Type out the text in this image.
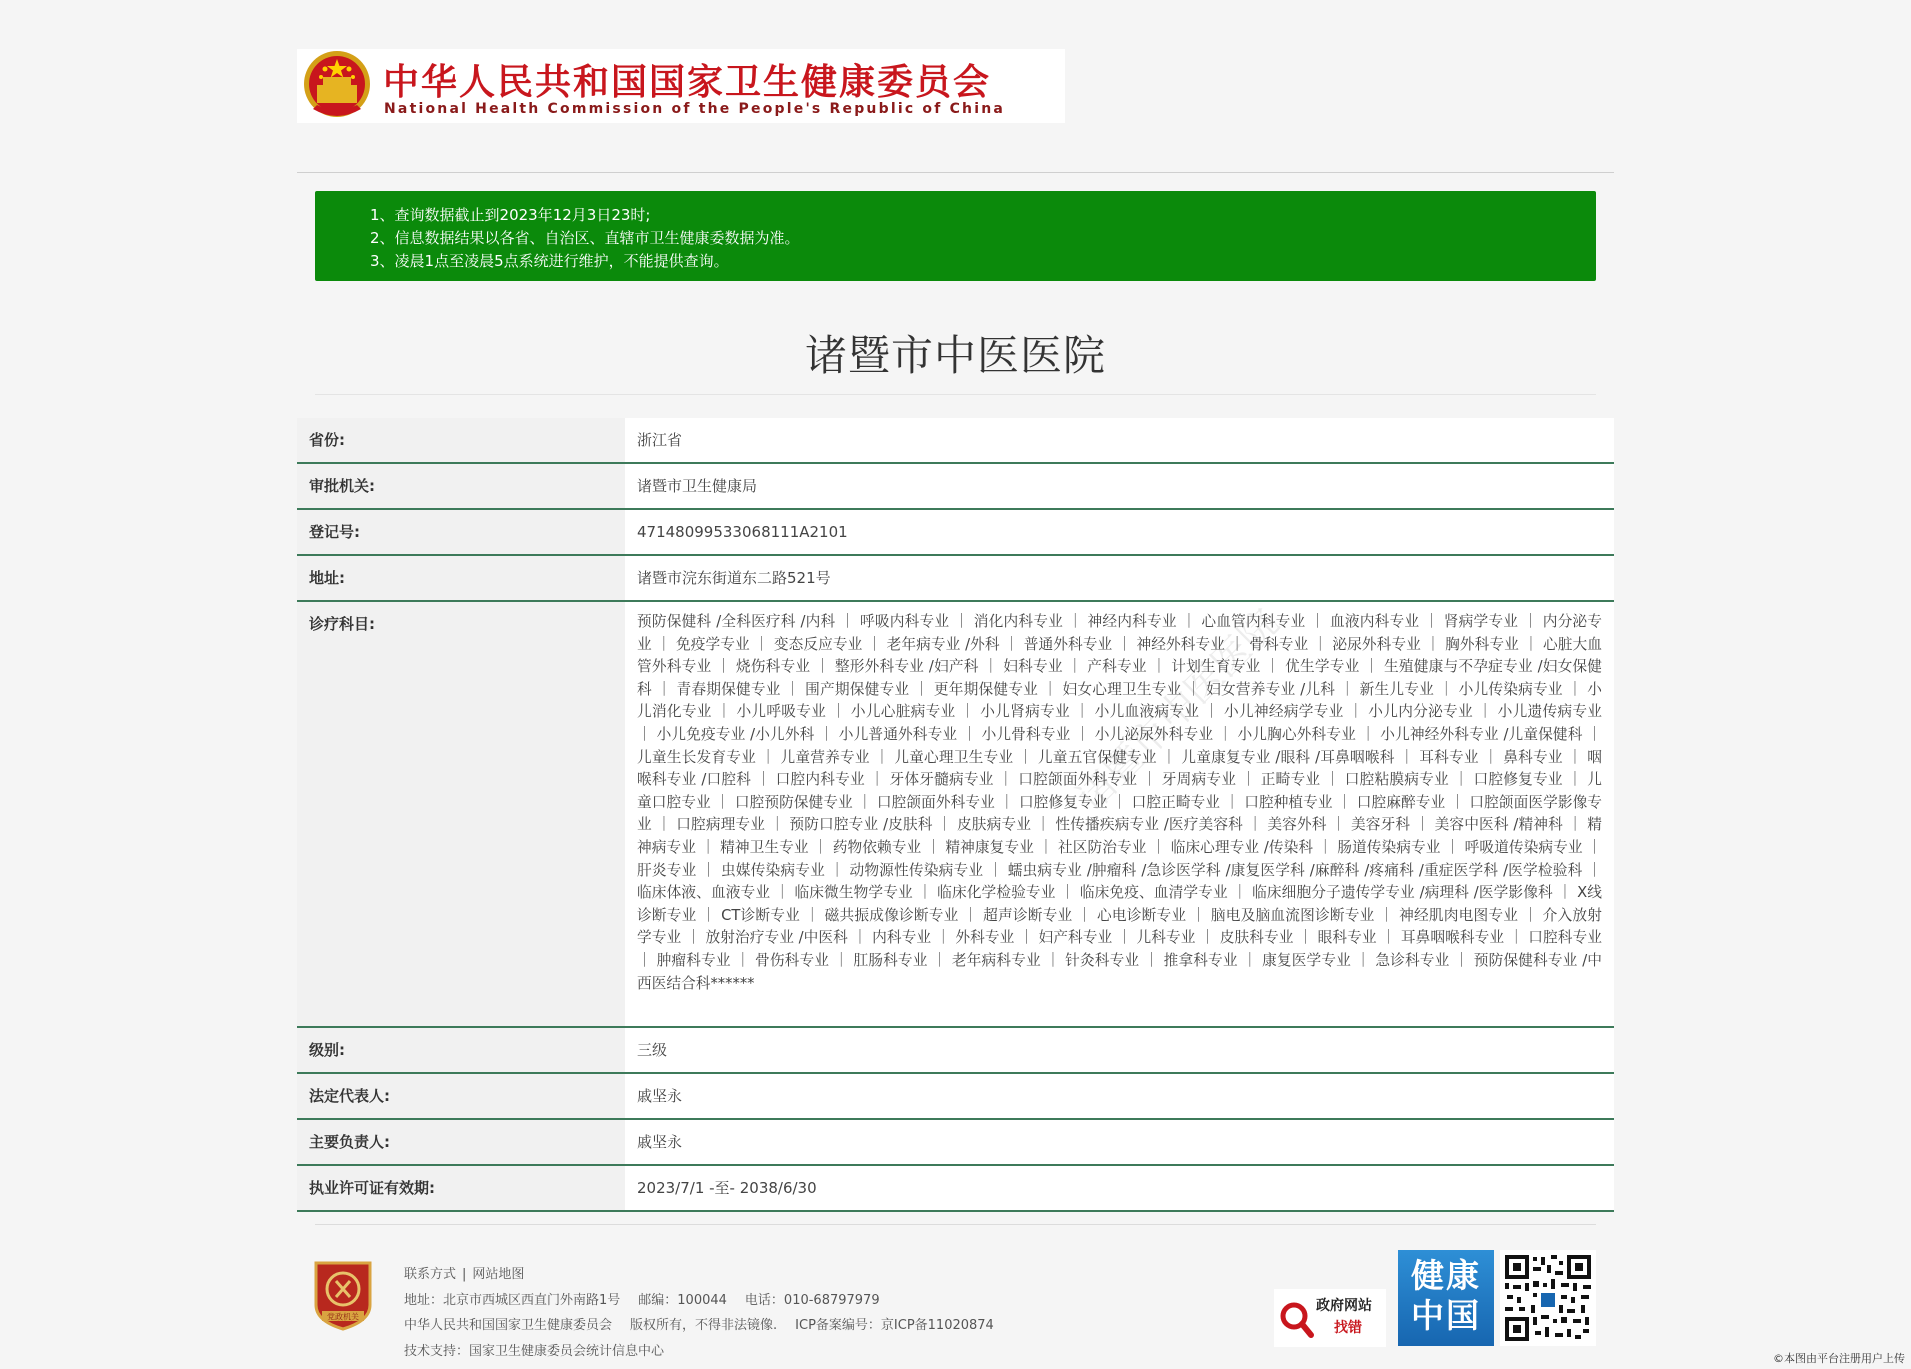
中华人民共和国国家卫生健康委员会
National Health Commission of the People's Republic of China
1、查询数据截止到2023年12月3日23时;
2、信息数据结果以各省、自治区、直辖市卫生健康委数据为准。
3、凌晨1点至凌晨5点系统进行维护，不能提供查询。
诸暨市中医医院
省份:	浙江省
审批机关:	诸暨市卫生健康局
登记号:	47148099533068111A2101
地址:	诸暨市浣东街道东二路521号
诊疗科目:	预防保健科 /全科医疗科 /内科 ｜ 呼吸内科专业 ｜ 消化内科专业 ｜ 神经内科专业 ｜ 心血管内科专业 ｜ 血液内科专业 ｜ 肾病学专业 ｜ 内分泌专业 ｜ 免疫学专业 ｜ 变态反应专业 ｜ 老年病专业 /外科 ｜ 普通外科专业 ｜ 神经外科专业 ｜ 骨科专业 ｜ 泌尿外科专业 ｜ 胸外科专业 ｜ 心脏大血管外科专业 ｜ 烧伤科专业 ｜ 整形外科专业 /妇产科 ｜ 妇科专业 ｜ 产科专业 ｜ 计划生育专业 ｜ 优生学专业 ｜ 生殖健康与不孕症专业 /妇女保健科 ｜ 青春期保健专业 ｜ 围产期保健专业 ｜ 更年期保健专业 ｜ 妇女心理卫生专业 ｜ 妇女营养专业 /儿科 ｜ 新生儿专业 ｜ 小儿传染病专业 ｜ 小儿消化专业 ｜ 小儿呼吸专业 ｜ 小儿心脏病专业 ｜ 小儿肾病专业 ｜ 小儿血液病专业 ｜ 小儿神经病学专业 ｜ 小儿内分泌专业 ｜ 小儿遗传病专业 ｜ 小儿免疫专业 /小儿外科 ｜ 小儿普通外科专业 ｜ 小儿骨科专业 ｜ 小儿泌尿外科专业 ｜ 小儿胸心外科专业 ｜ 小儿神经外科专业 /儿童保健科 ｜ 儿童生长发育专业 ｜ 儿童营养专业 ｜ 儿童心理卫生专业 ｜ 儿童五官保健专业 ｜ 儿童康复专业 /眼科 /耳鼻咽喉科 ｜ 耳科专业 ｜ 鼻科专业 ｜ 咽喉科专业 /口腔科 ｜ 口腔内科专业 ｜ 牙体牙髓病专业 ｜ 口腔颌面外科专业 ｜ 牙周病专业 ｜ 正畸专业 ｜ 口腔粘膜病专业 ｜ 口腔修复专业 ｜ 儿童口腔专业 ｜ 口腔预防保健专业 ｜ 口腔颌面外科专业 ｜ 口腔修复专业 ｜ 口腔正畸专业 ｜ 口腔种植专业 ｜ 口腔麻醉专业 ｜ 口腔颌面医学影像专业 ｜ 口腔病理专业 ｜ 预防口腔专业 /皮肤科 ｜ 皮肤病专业 ｜ 性传播疾病专业 /医疗美容科 ｜ 美容外科 ｜ 美容牙科 ｜ 美容中医科 /精神科 ｜ 精神病专业 ｜ 精神卫生专业 ｜ 药物依赖专业 ｜ 精神康复专业 ｜ 社区防治专业 ｜ 临床心理专业 /传染科 ｜ 肠道传染病专业 ｜ 呼吸道传染病专业 ｜ 肝炎专业 ｜ 虫媒传染病专业 ｜ 动物源性传染病专业 ｜ 蠕虫病专业 /肿瘤科 /急诊医学科 /康复医学科 /麻醉科 /疼痛科 /重症医学科 /医学检验科 ｜ 临床体液、血液专业 ｜ 临床微生物学专业 ｜ 临床化学检验专业 ｜ 临床免疫、血清学专业 ｜ 临床细胞分子遗传学专业 /病理科 /医学影像科 ｜ X线诊断专业 ｜ CT诊断专业 ｜ 磁共振成像诊断专业 ｜ 超声诊断专业 ｜ 心电诊断专业 ｜ 脑电及脑血流图诊断专业 ｜ 神经肌肉电图专业 ｜ 介入放射学专业 ｜ 放射治疗专业 /中医科 ｜ 内科专业 ｜ 外科专业 ｜ 妇产科专业 ｜ 儿科专业 ｜ 皮肤科专业 ｜ 眼科专业 ｜ 耳鼻咽喉科专业 ｜ 口腔科专业 ｜ 肿瘤科专业 ｜ 骨伤科专业 ｜ 肛肠科专业 ｜ 老年病科专业 ｜ 针灸科专业 ｜ 推拿科专业 ｜ 康复医学专业 ｜ 急诊科专业 ｜ 预防保健科专业 /中西医结合科******
级别:	三级
法定代表人:	戚坚永
主要负责人:	戚坚永
执业许可证有效期:	2023/7/1 -至- 2038/6/30
党政机关
联系方式 | 网站地图
地址：北京市西城区西直门外南路1号 邮编：100044 电话：010-68797979
中华人民共和国国家卫生健康委员会 版权所有，不得非法镜像. ICP备案编号：京ICP备11020874
技术支持：国家卫生健康委员会统计信息中心
政府网站
找错
健康
中国
©本图由平台注册用户上传
